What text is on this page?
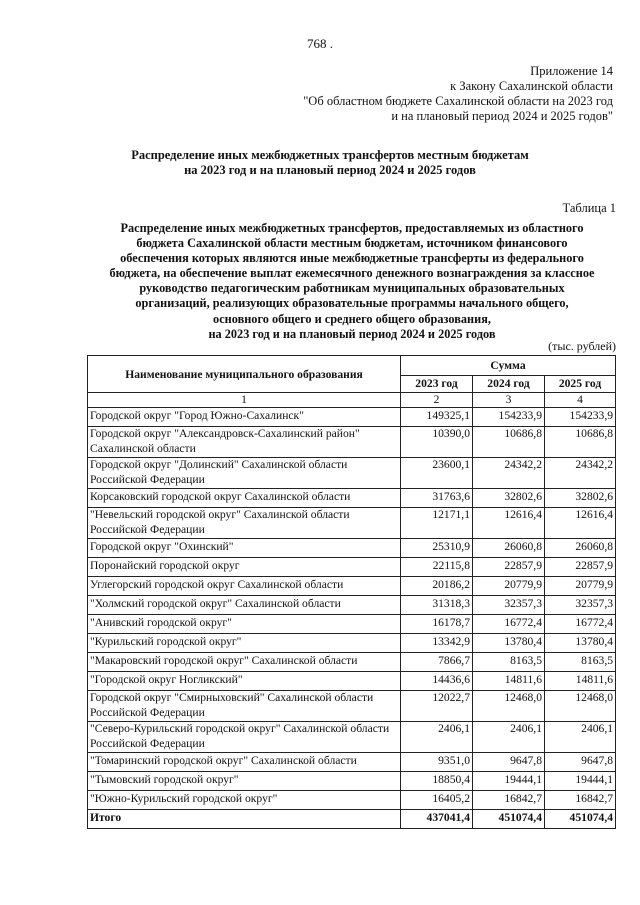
768 .
Приложение 14
к Закону Сахалинской области
"Об областном бюджете Сахалинской области на 2023 год
и на плановый период 2024 и 2025 годов"
Распределение иных межбюджетных трансфертов местным бюджетам
на 2023 год и на плановый период 2024 и 2025 годов
Таблица 1
Распределение иных межбюджетных трансфертов, предоставляемых из областного
бюджета Сахалинской области местным бюджетам, источником финансового
обеспечения которых являются иные межбюджетные трансферты из федерального
бюджета, на обеспечение выплат ежемесячного денежного вознаграждения за классное
руководство педагогическим работникам муниципальных образовательных
организаций, реализующих образовательные программы начального общего,
основного общего и среднего общего образования,
на 2023 год и на плановый период 2024 и 2025 годов
(тыс. рублей)
Наименование муниципального образования	Сумма		
	2023 год	2024 год	2025 год
1	2	3	4
Городской округ "Город Южно-Сахалинск"	149325,1	154233,9	154233,9
Городской округ "Александровск-Сахалинский район" Сахалинской области	10390,0	10686,8	10686,8
Городской округ "Долинский" Сахалинской области Российской Федерации	23600,1	24342,2	24342,2
Корсаковский городской округ Сахалинской области	31763,6	32802,6	32802,6
"Невельский городской округ" Сахалинской области Российской Федерации	12171,1	12616,4	12616,4
Городской округ "Охинский"	25310,9	26060,8	26060,8
Поронайский городской округ	22115,8	22857,9	22857,9
Углегорский городской округ Сахалинской области	20186,2	20779,9	20779,9
"Холмский городской округ" Сахалинской области	31318,3	32357,3	32357,3
"Анивский городской округ"	16178,7	16772,4	16772,4
"Курильский городской округ"	13342,9	13780,4	13780,4
"Макаровский городской округ" Сахалинской области	7866,7	8163,5	8163,5
"Городской округ Ногликский"	14436,6	14811,6	14811,6
Городской округ "Смирныховский" Сахалинской области Российской Федерации	12022,7	12468,0	12468,0
"Северо-Курильский городской округ" Сахалинской области Российской Федерации	2406,1	2406,1	2406,1
"Томаринский городской округ" Сахалинской области	9351,0	9647,8	9647,8
"Тымовский городской округ"	18850,4	19444,1	19444,1
"Южно-Курильский городской округ"	16405,2	16842,7	16842,7
Итого	437041,4	451074,4	451074,4
